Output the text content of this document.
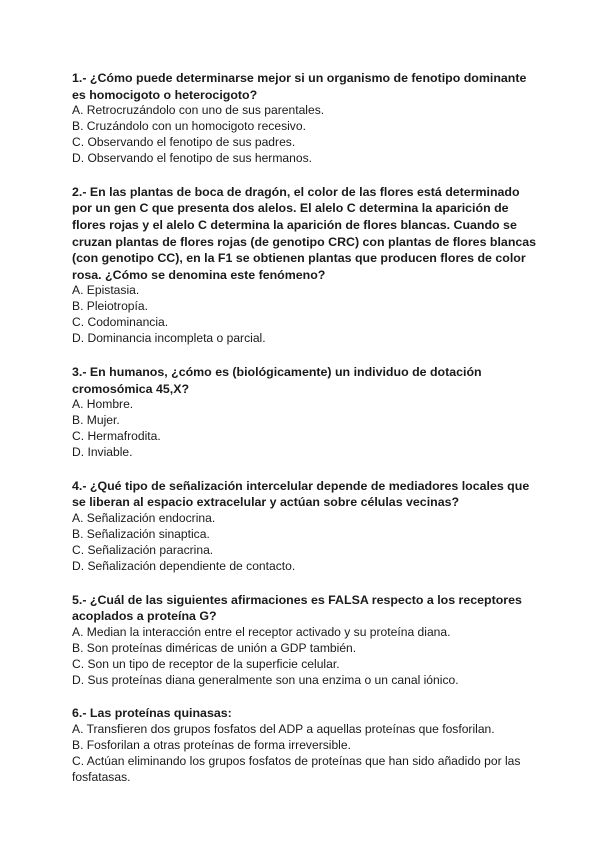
1.- ¿Cómo puede determinarse mejor si un organismo de fenotipo dominante es homocigoto o heterocigoto?

A. Retrocruzándolo con uno de sus parentales.
B. Cruzándolo con un homocigoto recesivo.
C. Observando el fenotipo de sus padres.
D. Observando el fenotipo de sus hermanos.

2.- En las plantas de boca de dragón, el color de las flores está determinado por un gen C que presenta dos alelos. El alelo C determina la aparición de flores rojas y el alelo C determina la aparición de flores blancas. Cuando se cruzan plantas de flores rojas (de genotipo CRC) con plantas de flores blancas (con genotipo CC), en la F1 se obtienen plantas que producen flores de color rosa. ¿Cómo se denomina este fenómeno?

A. Epistasia.
B. Pleiotropía.
C. Codominancia.
D. Dominancia incompleta o parcial.

3.- En humanos, ¿cómo es (biológicamente) un individuo de dotación cromosómica 45,X?

A. Hombre.
B. Mujer.
C. Hermafrodita.
D. Inviable.

4.- ¿Qué tipo de señalización intercelular depende de mediadores locales que se liberan al espacio extracelular y actúan sobre células vecinas?

A. Señalización endocrina.
B. Señalización sinaptica.
C. Señalización paracrina.
D. Señalización dependiente de contacto.

5.- ¿Cuál de las siguientes afirmaciones es FALSA respecto a los receptores acoplados a proteína G?

A. Median la interacción entre el receptor activado y su proteína diana.
B. Son proteínas diméricas de unión a GDP también.
C. Son un tipo de receptor de la superficie celular.
D. Sus proteínas diana generalmente son una enzima o un canal iónico.

6.- Las proteínas quinasas:

A. Transfieren dos grupos fosfatos del ADP a aquellas proteínas que fosforilan.
B. Fosforilan a otras proteínas de forma irreversible.
C. Actúan eliminando los grupos fosfatos de proteínas que han sido añadido por las fosfatasas.
